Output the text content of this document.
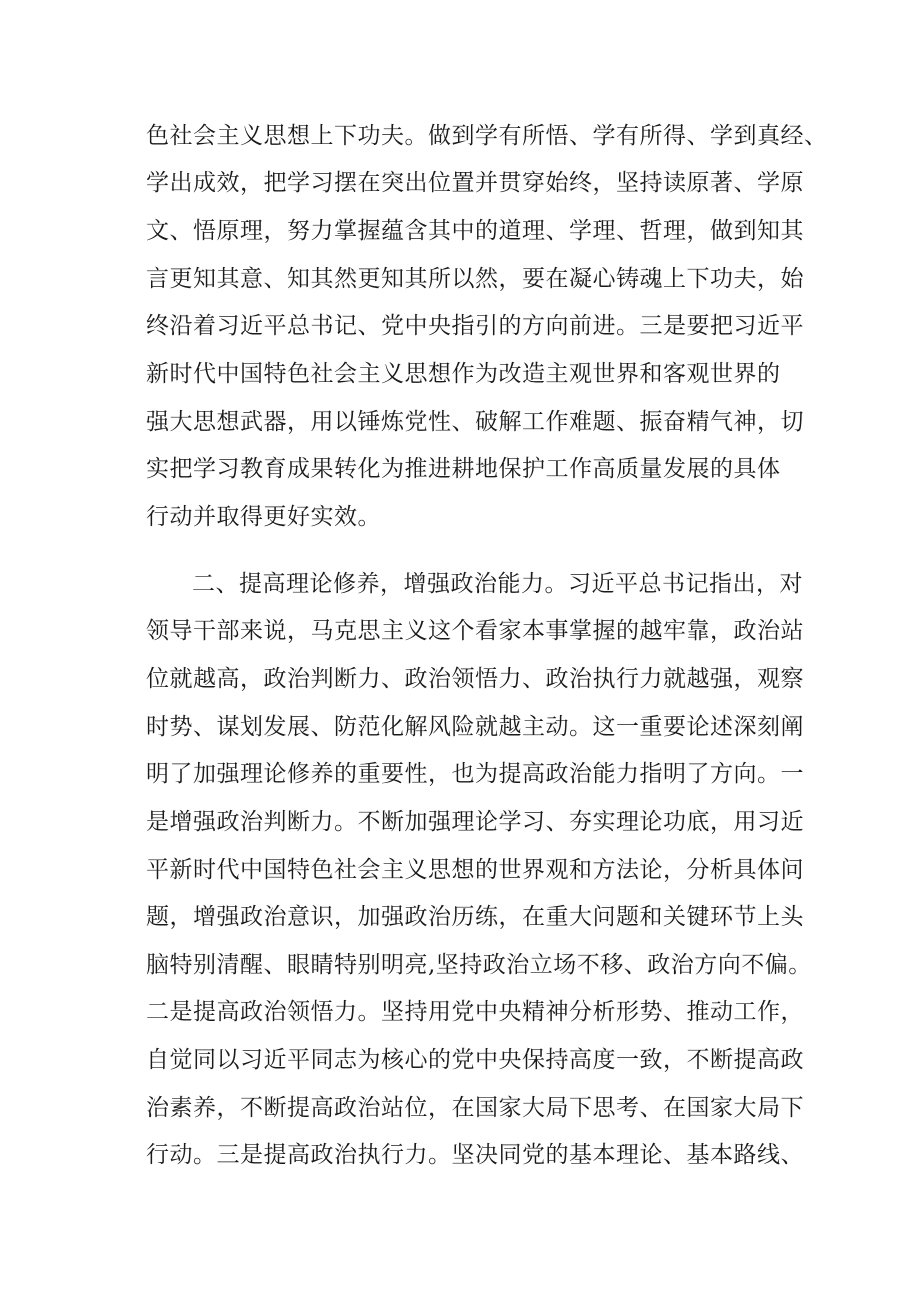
色社会主义思想上下功夫。做到学有所悟、学有所得、学到真经、
学出成效，把学习摆在突出位置并贯穿始终，坚持读原著、学原
文、悟原理，努力掌握蕴含其中的道理、学理、哲理，做到知其
言更知其意、知其然更知其所以然，要在凝心铸魂上下功夫，始
终沿着习近平总书记、党中央指引的方向前进。三是要把习近平
新时代中国特色社会主义思想作为改造主观世界和客观世界的
强大思想武器，用以锤炼党性、破解工作难题、振奋精气神，切
实把学习教育成果转化为推进耕地保护工作高质量发展的具体
行动并取得更好实效。
二、提高理论修养，增强政治能力。习近平总书记指出，对
领导干部来说，马克思主义这个看家本事掌握的越牢靠，政治站
位就越高，政治判断力、政治领悟力、政治执行力就越强，观察
时势、谋划发展、防范化解风险就越主动。这一重要论述深刻阐
明了加强理论修养的重要性，也为提高政治能力指明了方向。一
是增强政治判断力。不断加强理论学习、夯实理论功底，用习近
平新时代中国特色社会主义思想的世界观和方法论，分析具体问
题，增强政治意识，加强政治历练，在重大问题和关键环节上头
脑特别清醒、眼睛特别明亮,坚持政治立场不移、政治方向不偏。
二是提高政治领悟力。坚持用党中央精神分析形势、推动工作，
自觉同以习近平同志为核心的党中央保持高度一致，不断提高政
治素养，不断提高政治站位，在国家大局下思考、在国家大局下
行动。三是提高政治执行力。坚决同党的基本理论、基本路线、
